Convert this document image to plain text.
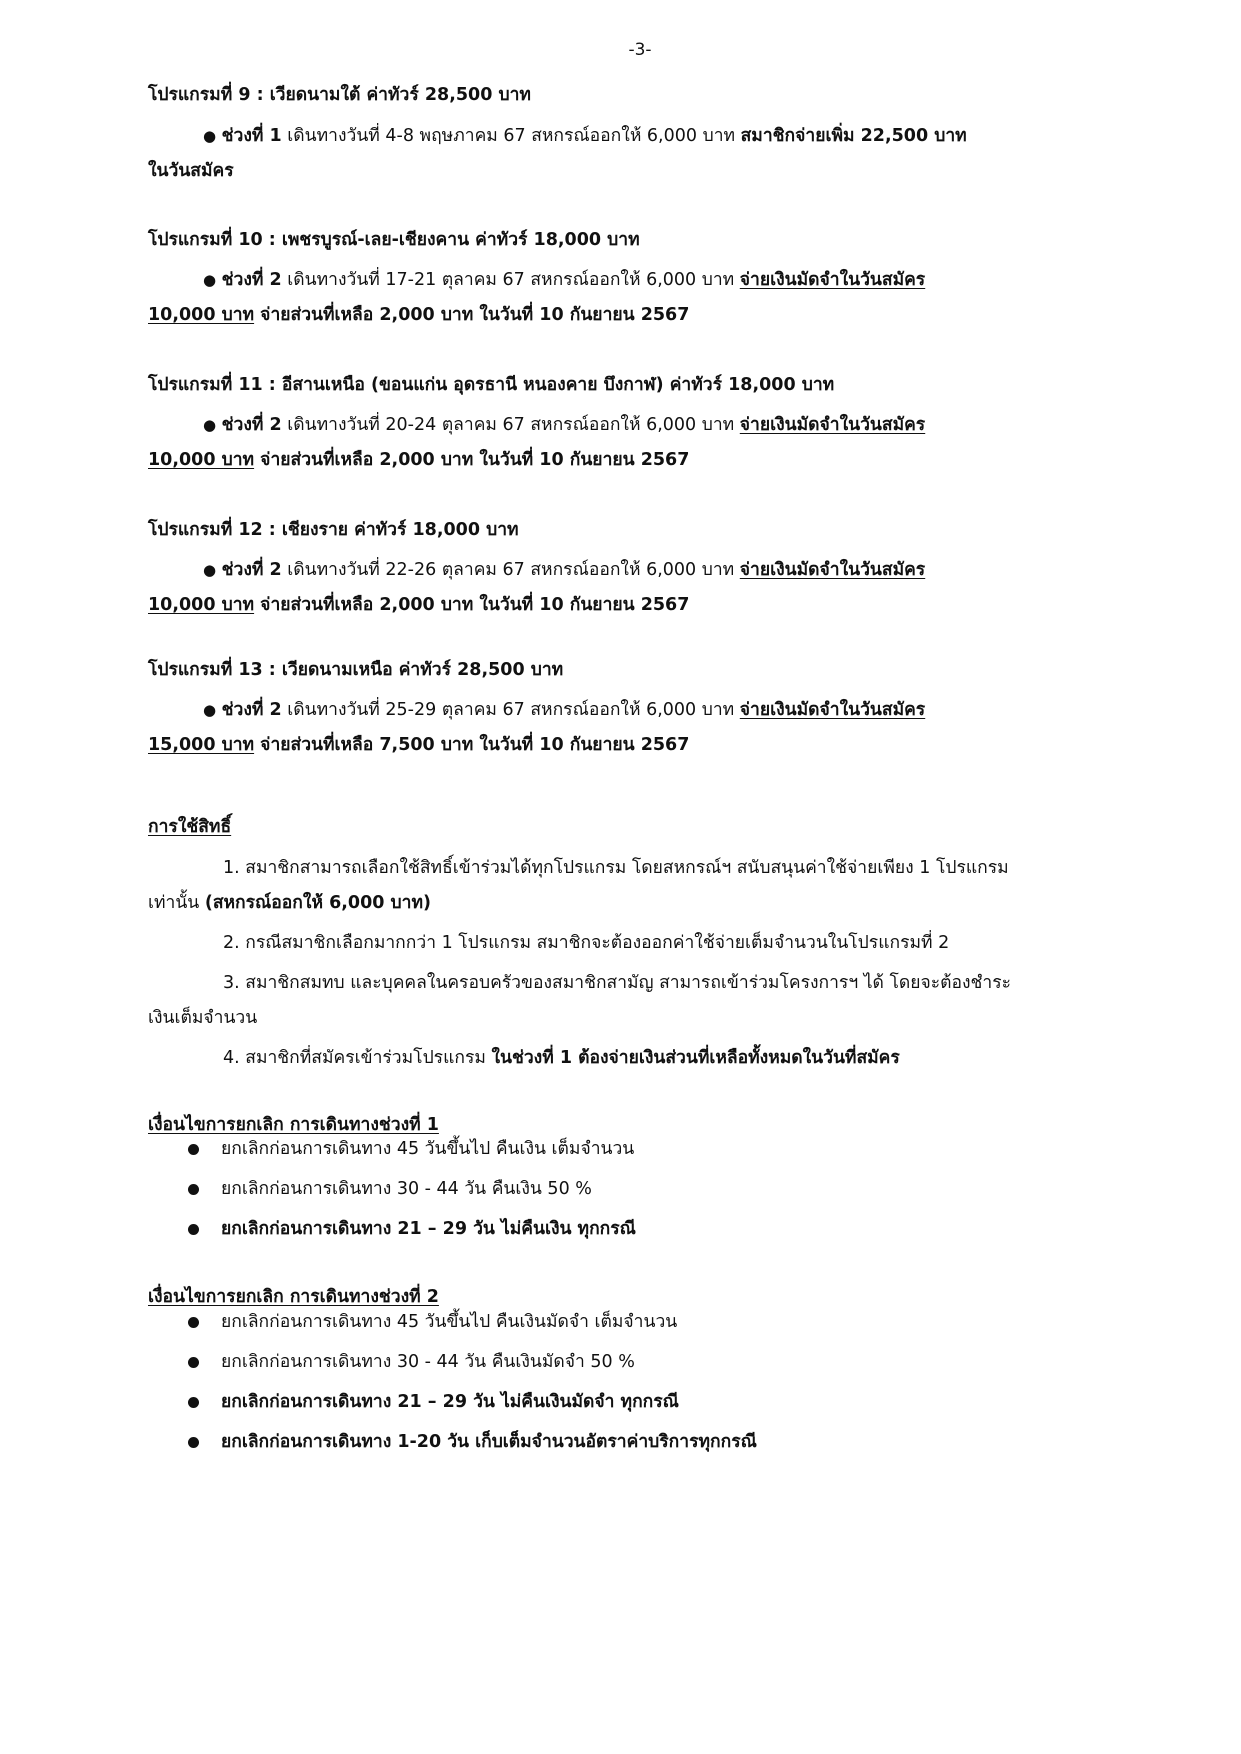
-3-
โปรแกรมที่ 9 : เวียดนามใต้ ค่าทัวร์ 28,500 บาท
● ช่วงที่ 1 เดินทางวันที่ 4-8 พฤษภาคม 67 สหกรณ์ออกให้ 6,000 บาท สมาชิกจ่ายเพิ่ม 22,500 บาท
ในวันสมัคร
โปรแกรมที่ 10 : เพชรบูรณ์-เลย-เชียงคาน ค่าทัวร์ 18,000 บาท
● ช่วงที่ 2 เดินทางวันที่ 17-21 ตุลาคม 67 สหกรณ์ออกให้ 6,000 บาท จ่ายเงินมัดจำในวันสมัคร
10,000 บาท จ่ายส่วนที่เหลือ 2,000 บาท ในวันที่ 10 กันยายน 2567
โปรแกรมที่ 11 : อีสานเหนือ (ขอนแก่น อุดรธานี หนองคาย บึงกาฬ) ค่าทัวร์ 18,000 บาท
● ช่วงที่ 2 เดินทางวันที่ 20-24 ตุลาคม 67 สหกรณ์ออกให้ 6,000 บาท จ่ายเงินมัดจำในวันสมัคร
10,000 บาท จ่ายส่วนที่เหลือ 2,000 บาท ในวันที่ 10 กันยายน 2567
โปรแกรมที่ 12 : เชียงราย ค่าทัวร์ 18,000 บาท
● ช่วงที่ 2 เดินทางวันที่ 22-26 ตุลาคม 67 สหกรณ์ออกให้ 6,000 บาท จ่ายเงินมัดจำในวันสมัคร
10,000 บาท จ่ายส่วนที่เหลือ 2,000 บาท ในวันที่ 10 กันยายน 2567
โปรแกรมที่ 13 : เวียดนามเหนือ ค่าทัวร์ 28,500 บาท
● ช่วงที่ 2 เดินทางวันที่ 25-29 ตุลาคม 67 สหกรณ์ออกให้ 6,000 บาท จ่ายเงินมัดจำในวันสมัคร
15,000 บาท จ่ายส่วนที่เหลือ 7,500 บาท ในวันที่ 10 กันยายน 2567
การใช้สิทธิ์
1. สมาชิกสามารถเลือกใช้สิทธิ์เข้าร่วมได้ทุกโปรแกรม โดยสหกรณ์ฯ สนับสนุนค่าใช้จ่ายเพียง 1 โปรแกรม
เท่านั้น (สหกรณ์ออกให้ 6,000 บาท)
2. กรณีสมาชิกเลือกมากกว่า 1 โปรแกรม สมาชิกจะต้องออกค่าใช้จ่ายเต็มจำนวนในโปรแกรมที่ 2
3. สมาชิกสมทบ และบุคคลในครอบครัวของสมาชิกสามัญ สามารถเข้าร่วมโครงการฯ ได้ โดยจะต้องชำระ
เงินเต็มจำนวน
4. สมาชิกที่สมัครเข้าร่วมโปรแกรม ในช่วงที่ 1 ต้องจ่ายเงินส่วนที่เหลือทั้งหมดในวันที่สมัคร
เงื่อนไขการยกเลิก การเดินทางช่วงที่ 1
ยกเลิกก่อนการเดินทาง 45 วันขึ้นไป คืนเงิน เต็มจำนวน
ยกเลิกก่อนการเดินทาง 30 - 44 วัน คืนเงิน 50 %
ยกเลิกก่อนการเดินทาง 21 – 29 วัน ไม่คืนเงิน ทุกกรณี
เงื่อนไขการยกเลิก การเดินทางช่วงที่ 2
ยกเลิกก่อนการเดินทาง 45 วันขึ้นไป คืนเงินมัดจำ เต็มจำนวน
ยกเลิกก่อนการเดินทาง 30 - 44 วัน คืนเงินมัดจำ 50 %
ยกเลิกก่อนการเดินทาง 21 – 29 วัน ไม่คืนเงินมัดจำ ทุกกรณี
ยกเลิกก่อนการเดินทาง 1-20 วัน เก็บเต็มจำนวนอัตราค่าบริการทุกกรณี
